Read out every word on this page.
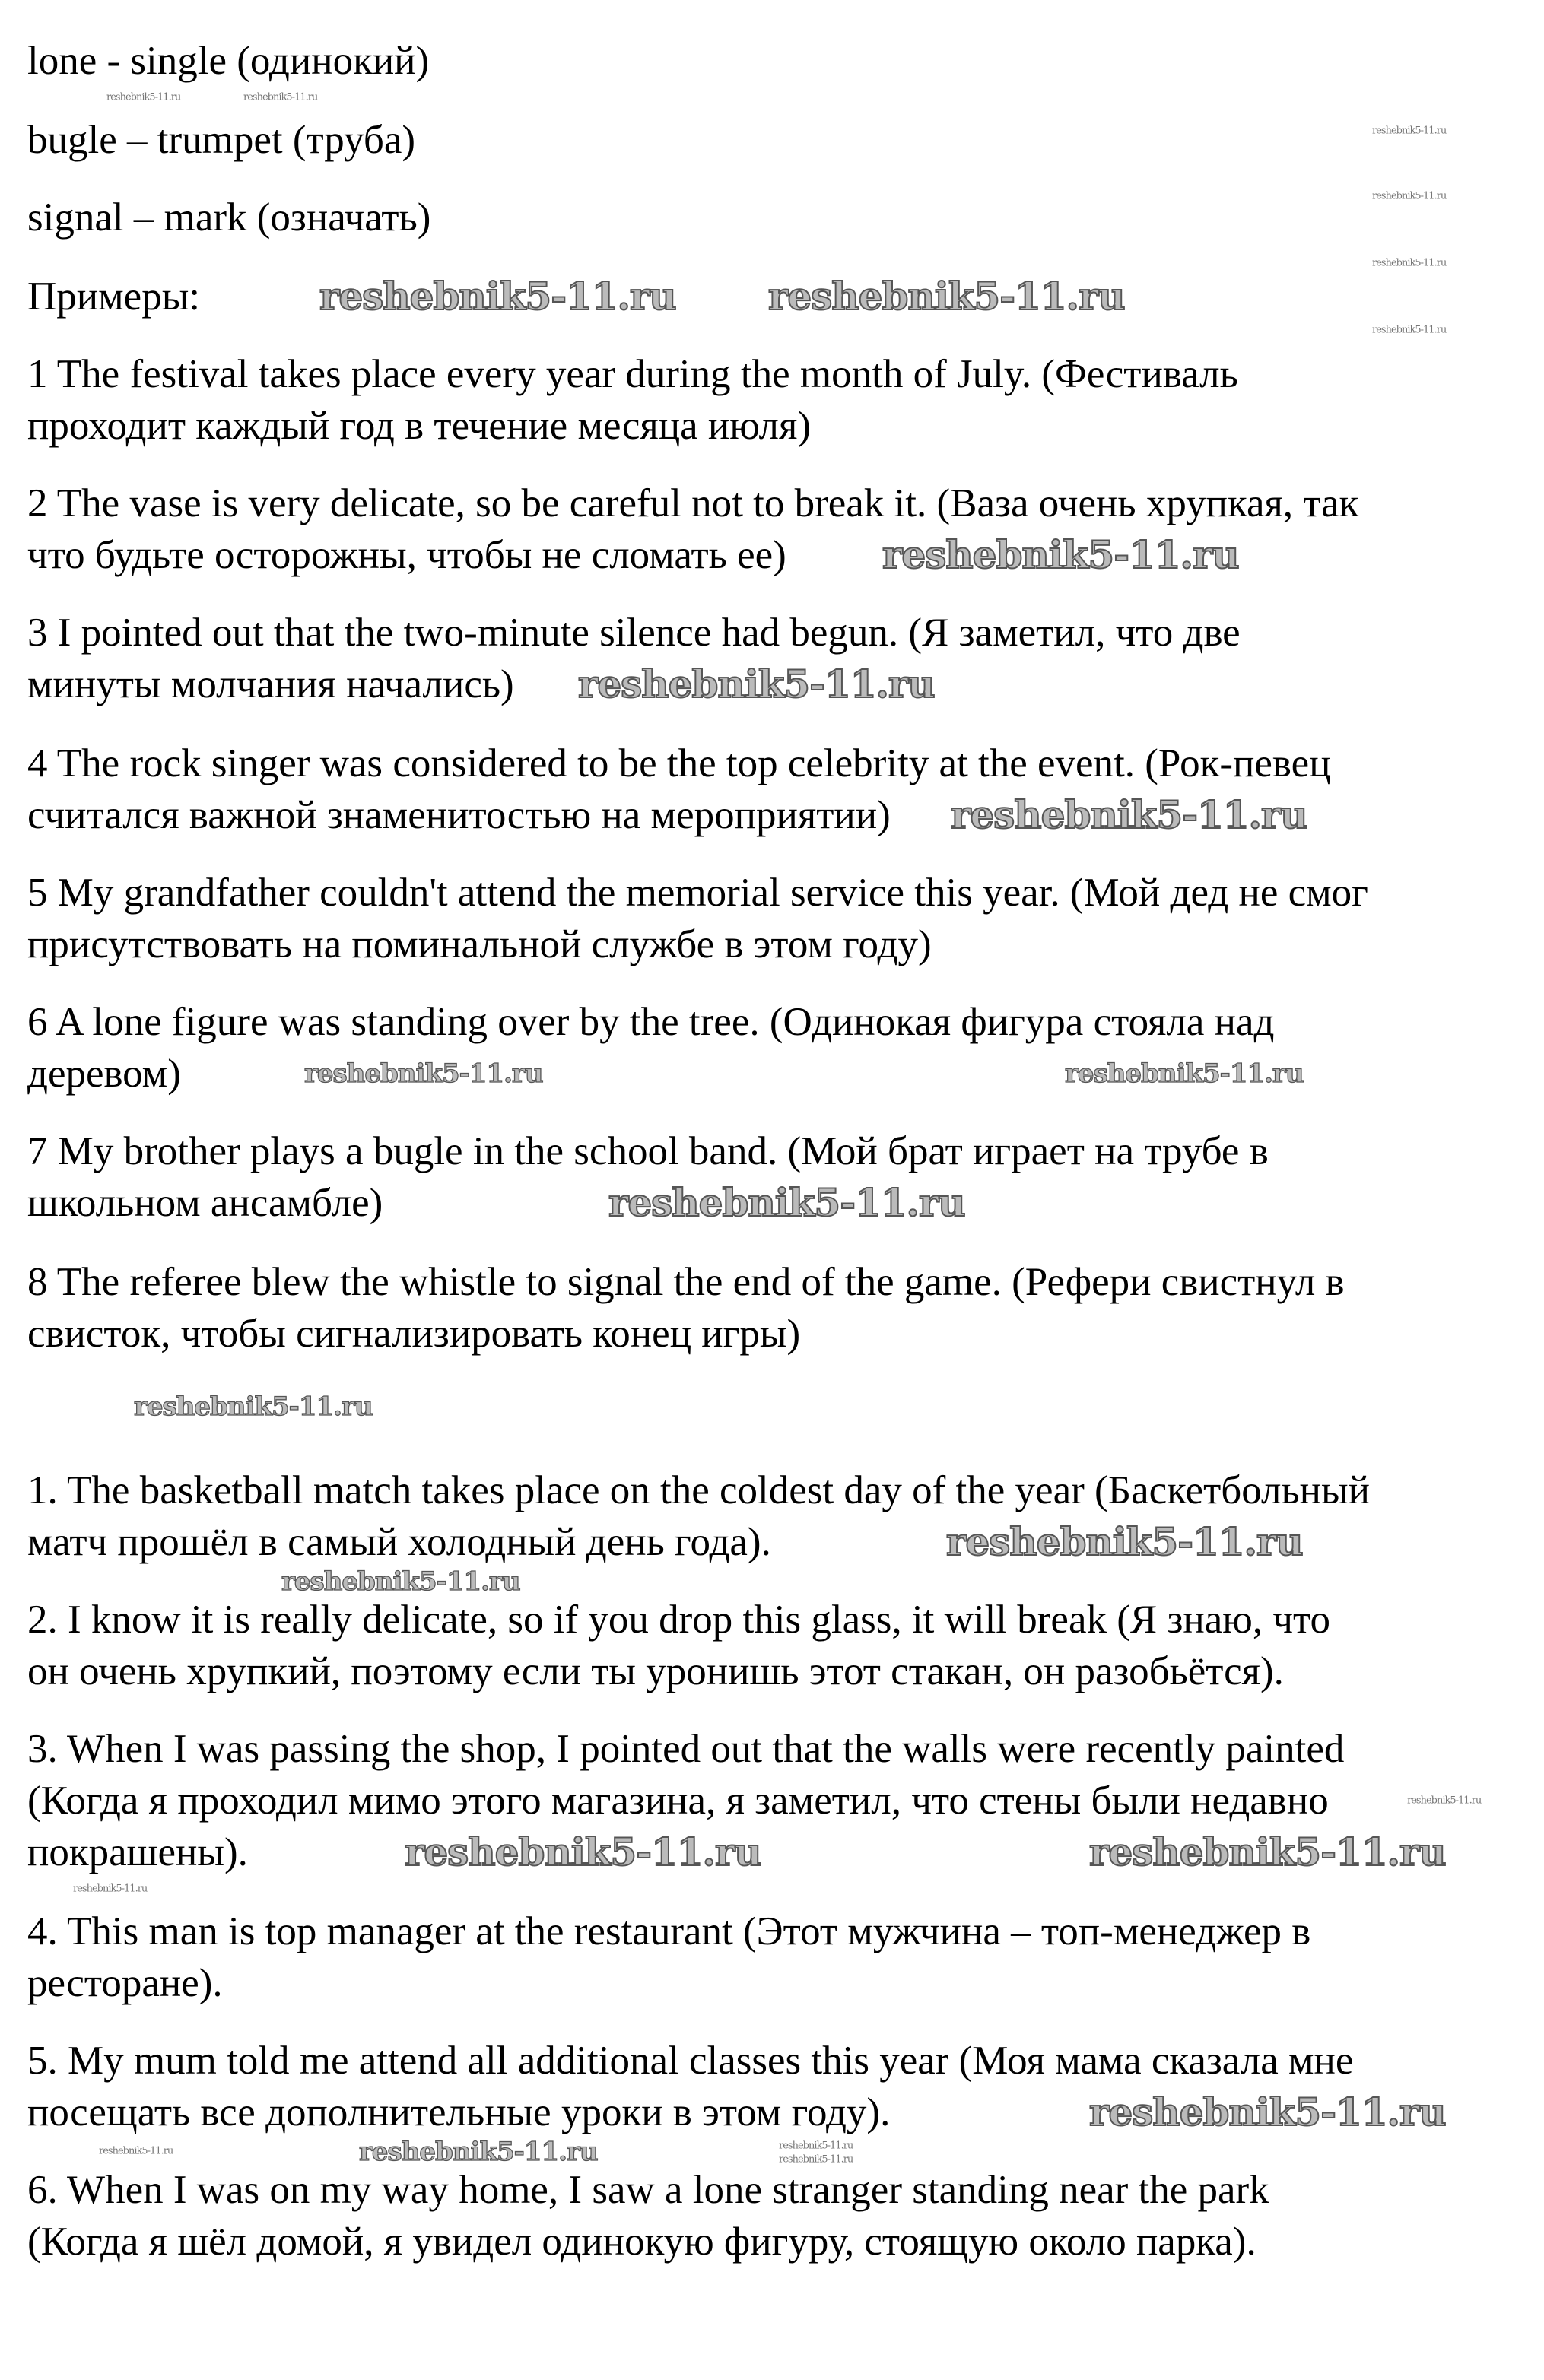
lone - single (одинокий)
bugle – trumpet (труба)
signal – mark (означать)
Примеры:
1 The festival takes place every year during the month of July. (Фестиваль
проходит каждый год в течение месяца июля)
2 The vase is very delicate, so be careful not to break it. (Ваза очень хрупкая, так
что будьте осторожны, чтобы не сломать ее)
3 I pointed out that the two-minute silence had begun. (Я заметил, что две
минуты молчания начались)
4 The rock singer was considered to be the top celebrity at the event. (Рок-певец
считался важной знаменитостью на мероприятии)
5 My grandfather couldn't attend the memorial service this year. (Мой дед не смог
присутствовать на поминальной службе в этом году)
6 A lone figure was standing over by the tree. (Одинокая фигура стояла над
деревом)
7 My brother plays a bugle in the school band. (Мой брат играет на трубе в
школьном ансамбле)
8 The referee blew the whistle to signal the end of the game. (Рефери свистнул в
свисток, чтобы сигнализировать конец игры)
1. The basketball match takes place on the coldest day of the year (Баскетбольный
матч прошёл в самый холодный день года).
2. I know it is really delicate, so if you drop this glass, it will break (Я знаю, что
он очень хрупкий, поэтому если ты уронишь этот стакан, он разобьётся).
3. When I was passing the shop, I pointed out that the walls were recently painted
(Когда я проходил мимо этого магазина, я заметил, что стены были недавно
покрашены).
4. This man is top manager at the restaurant (Этот мужчина – топ-менеджер в
ресторане).
5. My mum told me attend all additional classes this year (Моя мама сказала мне
посещать все дополнительные уроки в этом году).
6. When I was on my way home, I saw a lone stranger standing near the park
(Когда я шёл домой, я увидел одинокую фигуру, стоящую около парка).
reshebnik5-11.ru reshebnik5-11.ru
reshebnik5-11.ru
reshebnik5-11.ru
reshebnik5-11.ru
reshebnik5-11.ru
reshebnik5-11.ru
reshebnik5-11.ru	reshebnik5-11.ru
reshebnik5-11.ru
reshebnik5-11.ru
reshebnik5-11.ru
reshebnik5-11.ru
reshebnik5-11.ru
reshebnik5-11.ru
reshebnik5-11.ru	reshebnik5-11.ru
reshebnik5-11.ru
reshebnik5-11.ru
reshebnik5-11.ru
reshebnik5-11.ru
reshebnik5-11.ru
reshebnik5-11.ru
reshebnik5-11.ru	reshebnik5-11.ru
reshebnik5-11.ru
